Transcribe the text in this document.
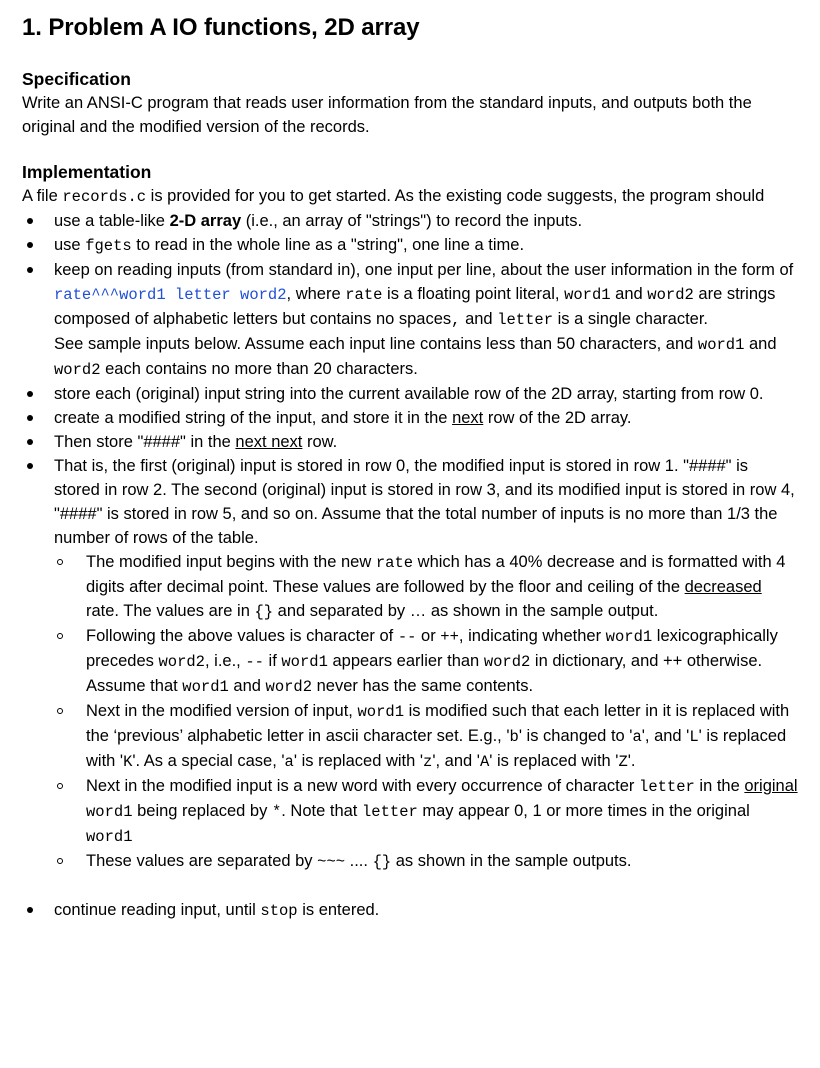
1. Problem A IO functions, 2D array
Specification

Write an ANSI-C program that reads user information from the standard inputs, and outputs both the original and the modified version of the records.

Implementation

A file records.c is provided for you to get started. As the existing code suggests, the program should

use a table-like 2-D array (i.e., an array of "strings") to record the inputs.
use fgets to read in the whole line as a "string", one line a time.
keep on reading inputs (from standard in), one input per line, about the user information in the form of rate^^^word1 letter word2, where rate is a floating point literal, word1 and word2 are strings composed of alphabetic letters but contains no spaces, and letter is a single character.
See sample inputs below. Assume each input line contains less than 50 characters, and word1 and word2 each contains no more than 20 characters.
store each (original) input string into the current available row of the 2D array, starting from row 0.
create a modified string of the input, and store it in the next row of the 2D array.
Then store "####" in the next next row.
That is, the first (original) input is stored in row 0, the modified input is stored in row 1. "####" is stored in row 2. The second (original) input is stored in row 3, and its modified input is stored in row 4, "####" is stored in row 5, and so on. Assume that the total number of inputs is no more than 1/3 the number of rows of the table.
The modified input begins with the new rate which has a 40% decrease and is formatted with 4 digits after decimal point. These values are followed by the floor and ceiling of the decreased rate. The values are in {} and separated by … as shown in the sample output.
Following the above values is character of -- or ++, indicating whether word1 lexicographically precedes word2, i.e., -- if word1 appears earlier than word2 in dictionary, and ++ otherwise. Assume that word1 and word2 never has the same contents.
Next in the modified version of input, word1 is modified such that each letter in it is replaced with the ‘previous’ alphabetic letter in ascii character set. E.g., 'b' is changed to 'a', and 'L' is replaced with 'K'. As a special case, 'a' is replaced with 'z', and 'A' is replaced with 'Z'.
Next in the modified input is a new word with every occurrence of character letter in the original word1 being replaced by *. Note that letter may appear 0, 1 or more times in the original word1
These values are separated by ~~~ .... {} as shown in the sample outputs.
continue reading input, until stop is entered.
